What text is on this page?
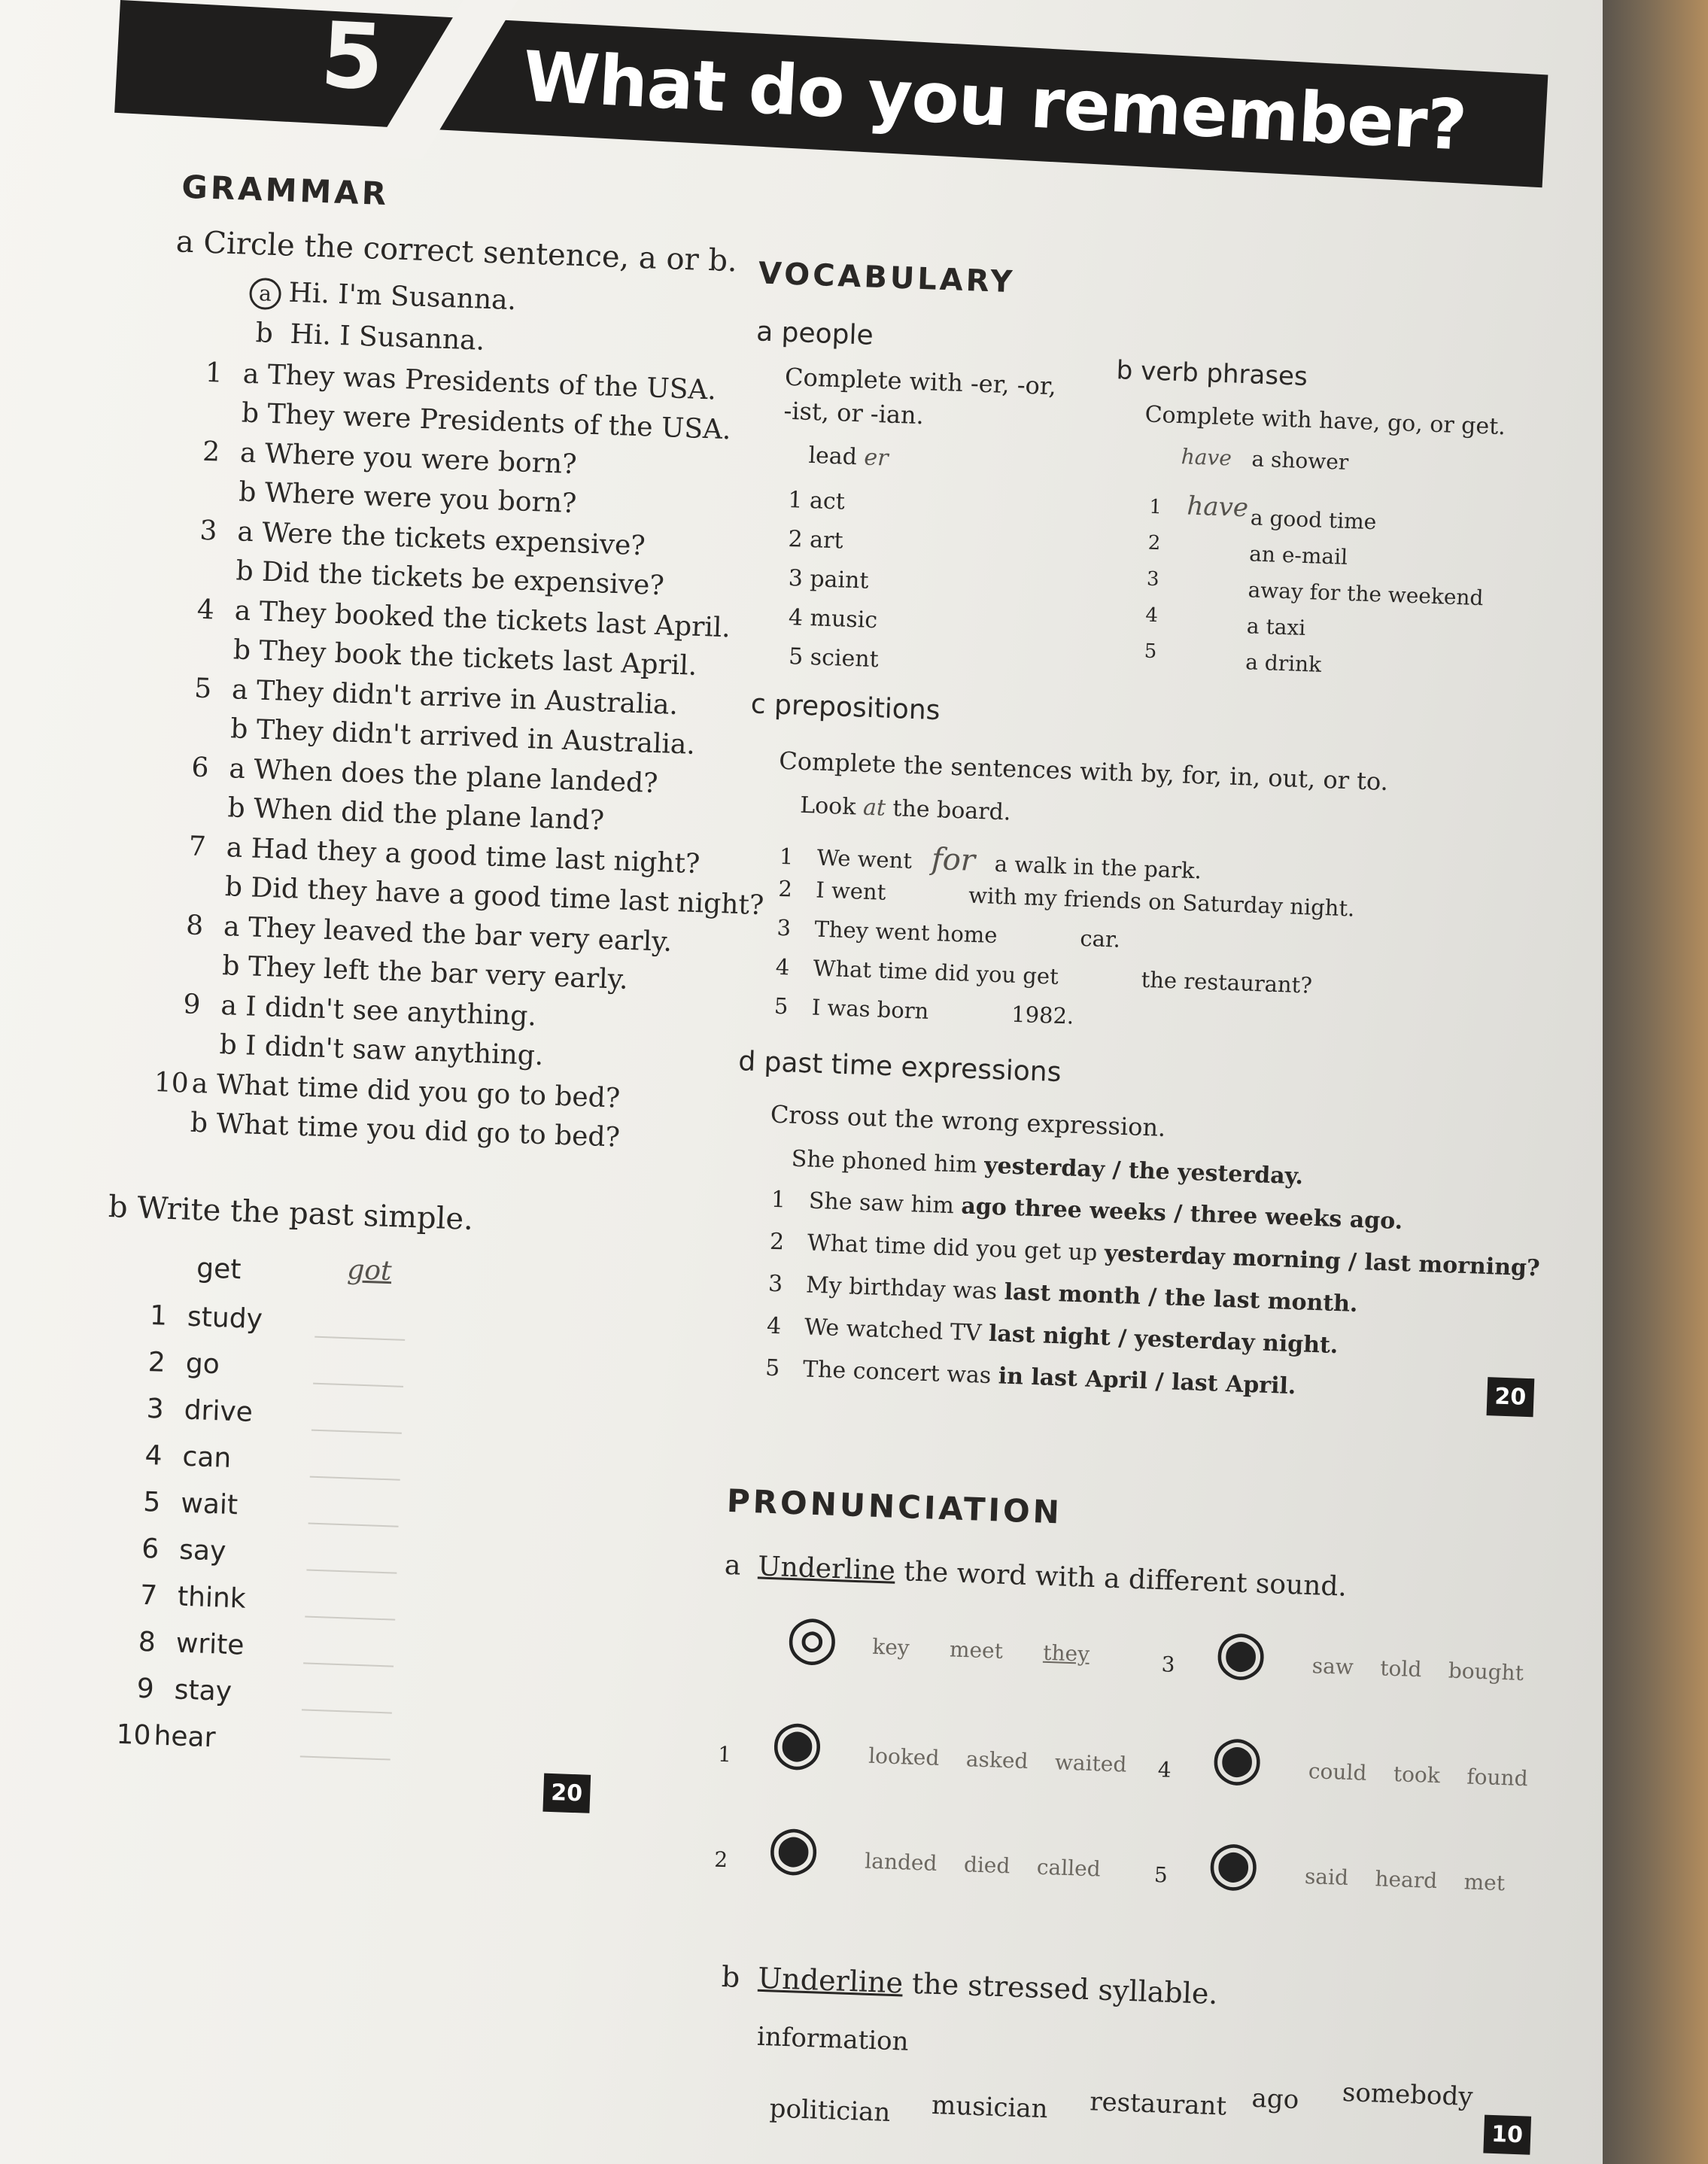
5 What do you remember?
GRAMMAR
a Circle the correct sentence, a or b.
a Hi. I'm Susanna.
b  Hi. I Susanna.
1 a They was Presidents of the USA.
b They were Presidents of the USA.
2 a Where you were born?
b Where were you born?
3 a Were the tickets expensive?
b Did the tickets be expensive?
4 a They booked the tickets last April.
b They book the tickets last April.
5 a They didn't arrive in Australia.
b They didn't arrived in Australia.
6 a When does the plane landed?
b When did the plane land?
7 a Had they a good time last night?
b Did they have a good time last night?
8 a They leaved the bar very early.
b They left the bar very early.
9 a I didn't see anything.
b I didn't saw anything.
10a What time did you go to bed?
b What time you did go to bed?
b Write the past simple.
get	got
1 study
2 go
3 drive
4 can
5 wait
6 say
7 think
8 write
9 stay
10hear
20
VOCABULARY
a people
Complete with -er, -or,
-ist, or -ian.
lead er
1 act
2 art
3 paint
4 music
5 scient
b verb phrases
Complete with have, go, or get.
have a shower
1 have a good time
2	an e-mail
3	away for the weekend
4	a taxi
5	a drink
c prepositions
Complete the sentences with by, for, in, out, or to.
Look at the board.
1 We went for a walk in the park.
2 I went	with my friends on Saturday night.
3 They went home	car.
4 What time did you get	the restaurant?
5 I was born	1982.
d past time expressions
Cross out the wrong expression.
She phoned him yesterday / the yesterday.
1 She saw him ago three weeks / three weeks ago.
2 What time did you get up yesterday morning / last morning?
3 My birthday was last month / the last month.
4 We watched TV last night / yesterday night.
5 The concert was in last April / last April.	20
PRONUNCIATION
a Underline the word with a different sound.
◎ key meet they
1 ◉ looked asked waited
2 ◉ landed died called
3 ◉ saw told bought
4 ◉ could took found
5 ◉ said heard met
b Underline the stressed syllable.
information
politician musician restaurant ago somebody
10
